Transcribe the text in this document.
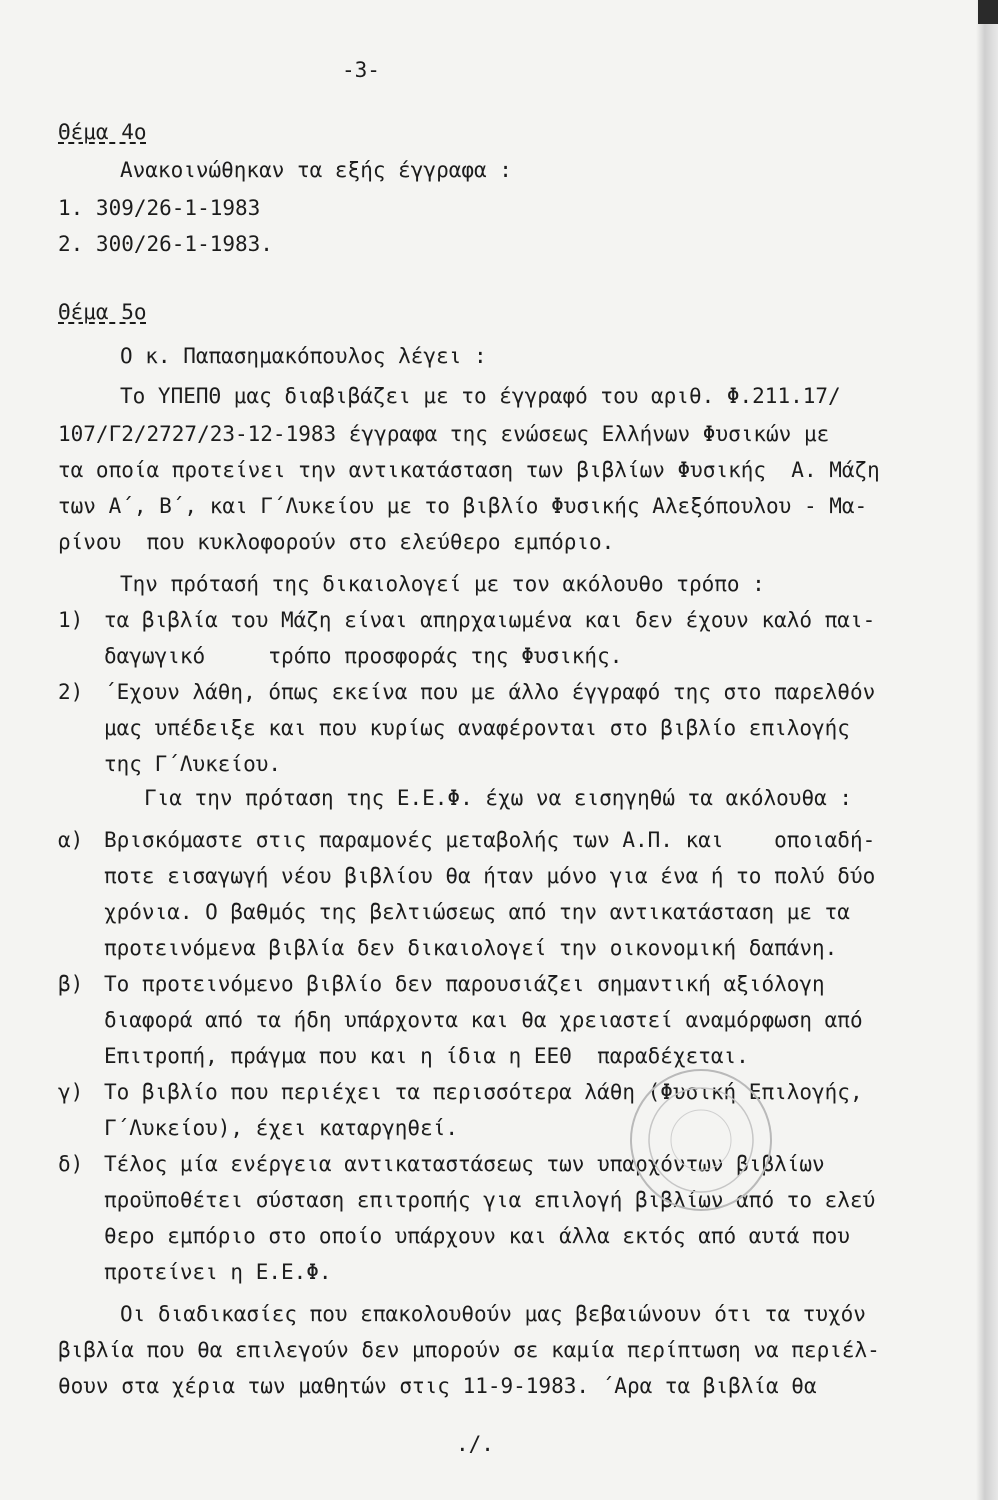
-3-
Θέμα 4ο
Ανακοινώθηκαν τα εξής έγγραφα :
1. 309/26-1-1983
2. 300/26-1-1983.
Θέμα 5ο
Ο κ. Παπασημακόπουλος λέγει :
Το ΥΠΕΠΘ μας διαβιβάζει με το έγγραφό του αριθ. Φ.211.17/
107/Γ2/2727/23-12-1983 έγγραφα της ενώσεως Ελλήνων Φυσικών με
τα οποία προτείνει την αντικατάσταση των βιβλίων Φυσικής  Α. Μάζη
των Α΄, Β΄, και Γ΄Λυκείου με το βιβλίο Φυσικής Αλεξόπουλου - Μα-
ρίνου  που κυκλοφορούν στο ελεύθερο εμπόριο.
Την πρότασή της δικαιολογεί με τον ακόλουθο τρόπο :
1) τα βιβλία του Μάζη είναι απηρχαιωμένα και δεν έχουν καλό παι-
δαγωγικό     τρόπο προσφοράς της Φυσικής.
2) ΄Εχουν λάθη, όπως εκείνα που με άλλο έγγραφό της στο παρελθόν
μας υπέδειξε και που κυρίως αναφέρονται στο βιβλίο επιλογής
της Γ΄Λυκείου.
Για την πρόταση της Ε.Ε.Φ. έχω να εισηγηθώ τα ακόλουθα :
α) Βρισκόμαστε στις παραμονές μεταβολής των Α.Π. και    οποιαδή-
ποτε εισαγωγή νέου βιβλίου θα ήταν μόνο για ένα ή το πολύ δύο
χρόνια. Ο βαθμός της βελτιώσεως από την αντικατάσταση με τα
προτεινόμενα βιβλία δεν δικαιολογεί την οικονομική δαπάνη.
β) Το προτεινόμενο βιβλίο δεν παρουσιάζει σημαντική αξιόλογη
διαφορά από τα ήδη υπάρχοντα και θα χρειαστεί αναμόρφωση από
Επιτροπή, πράγμα που και η ίδια η ΕΕΘ  παραδέχεται.
γ) Το βιβλίο που περιέχει τα περισσότερα λάθη (Φυσική Επιλογής,
Γ΄Λυκείου), έχει καταργηθεί.
δ) Τέλος μία ενέργεια αντικαταστάσεως των υπαρχόντων βιβλίων
προϋποθέτει σύσταση επιτροπής για επιλογή βιβλίων από το ελεύ
θερο εμπόριο στο οποίο υπάρχουν και άλλα εκτός από αυτά που
προτείνει η Ε.Ε.Φ.
Οι διαδικασίες που επακολουθούν μας βεβαιώνουν ότι τα τυχόν
βιβλία που θα επιλεγούν δεν μπορούν σε καμία περίπτωση να περιέλ-
θουν στα χέρια των μαθητών στις 11-9-1983. ΄Αρα τα βιβλία θα
./.
